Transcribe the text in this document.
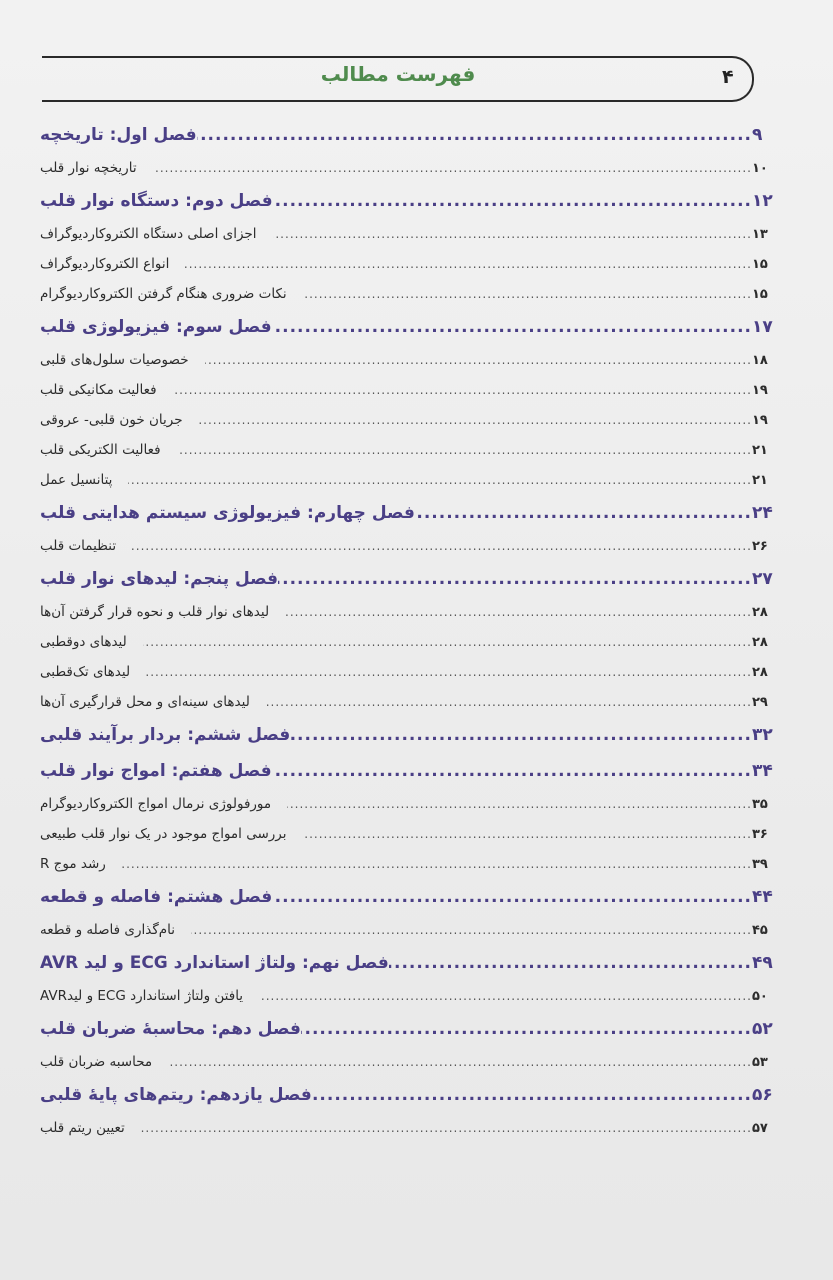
فهرست مطالب	۴
فصل اول: تاریخچه .....	۹
تاریخچه نوار قلب .....	۱۰
فصل دوم: دستگاه نوار قلب .....	۱۲
اجزای اصلی دستگاه الکتروکاردیوگراف .....	۱۳
انواع الکتروکاردیوگراف .....	۱۵
نکات ضروری هنگام گرفتن الکتروکاردیوگرام .....	۱۵
فصل سوم: فیزیولوژی قلب .....	۱۷
خصوصیات سلول‌های قلبی .....	۱۸
فعالیت مکانیکی قلب .....	۱۹
جریان خون قلبی- عروقی .....	۱۹
فعالیت الکتریکی قلب .....	۲۱
پتانسیل عمل .....	۲۱
فصل چهارم: فیزیولوژی سیستم هدایتی قلب .....	۲۴
تنظیمات قلب .....	۲۶
فصل پنجم: لیدهای نوار قلب .....	۲۷
لیدهای نوار قلب و نحوه قرار گرفتن آن‌ها .....	۲۸
لیدهای دوقطبی .....	۲۸
لیدهای تک‌قطبی .....	۲۸
لیدهای سینه‌ای و محل قرارگیری آن‌ها .....	۲۹
فصل ششم: بردار برآیند قلبی .....	۳۲
فصل هفتم: امواج نوار قلب .....	۳۴
مورفولوژی نرمال امواج الکتروکاردیوگرام .....	۳۵
بررسی امواج موجود در یک نوار قلب طبیعی .....	۳۶
رشد موج R .....	۳۹
فصل هشتم: فاصله و قطعه .....	۴۴
نام‌گذاری فاصله و قطعه .....	۴۵
فصل نهم: ولتاژ استاندارد ECG و لید AVR .....	۴۹
یافتن ولتاژ استاندارد ECG و لیدAVR .....	۵۰
فصل دهم: محاسبهٔ ضربان قلب .....	۵۲
محاسبه ضربان قلب .....	۵۳
فصل یازدهم: ریتم‌های پایهٔ قلبی .....	۵۶
تعیین ریتم قلب .....	۵۷
